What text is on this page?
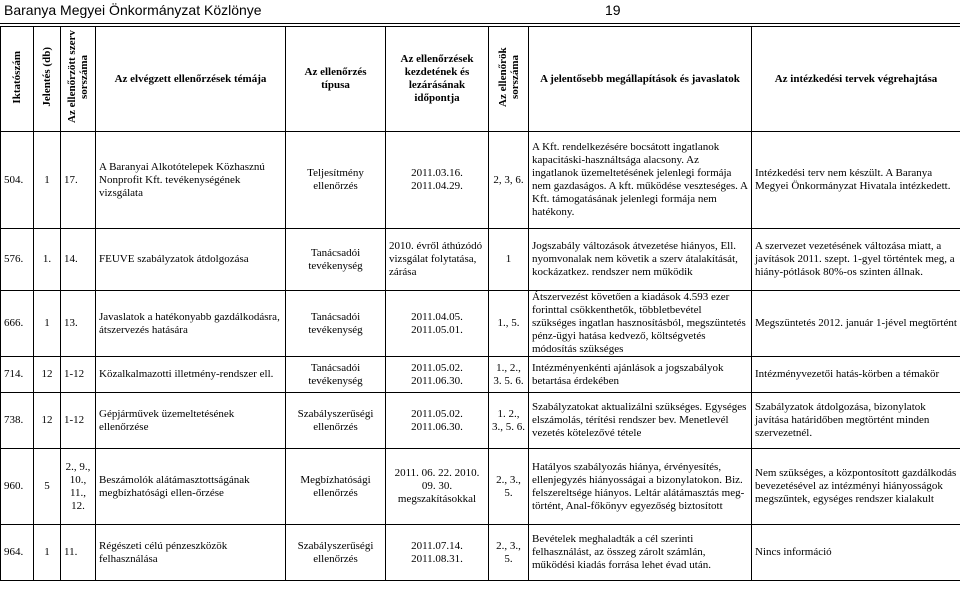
Baranya Megyei Önkormányzat Közlönye	19
Iktatószám	Jelentés (db)	Az ellenőrzött szerv sorszáma	Az elvégzett ellenőrzések témája	Az ellenőrzés típusa	Az ellenőrzések kezdetének és lezárásának időpontja	Az ellenőrök sorszáma	A jelentősebb megállapítások és javaslatok	Az intézkedési tervek végrehajtása
504.	1	17.	A Baranyai Alkotótelepek Közhasznú Nonprofit Kft. tevékenységének vizsgálata	Teljesítmény ellenőrzés	2011.03.16. 2011.04.29.	2, 3, 6.	A Kft. rendelkezésére bocsátott ingatlanok kapacitáski-használtsága alacsony. Az ingatlanok üzemeltetésének jelenlegi formája nem gazdaságos. A kft. működése veszteséges. A Kft. támogatásának jelenlegi formája nem hatékony.	Intézkedési terv nem készült. A Baranya Megyei Önkormányzat Hivatala intézkedett.
576.	1.	14.	FEUVE szabályzatok átdolgozása	Tanácsadói tevékenység	2010. évről áthúzódó vizsgálat folytatása, zárása	1	Jogszabály változások átvezetése hiányos, Ell. nyomvonalak nem követik a szerv átalakítását, kockázatkez. rendszer nem működik	A szervezet vezetésének változása miatt, a javítások 2011. szept. 1-gyel történtek meg, a hiány-pótlások 80%-os szinten állnak.
666.	1	13.	Javaslatok a hatékonyabb gazdálkodásra, átszervezés hatására	Tanácsadói tevékenység	2011.04.05. 2011.05.01.	1., 5.	Átszervezést követően a kiadások 4.593 ezer forinttal csökkenthetők, többletbevétel szükséges ingatlan hasznosításból, megszüntetés pénz-ügyi hatása kedvező, költségvetés módosítás szükséges	Megszüntetés 2012. január 1-jével megtörtént
714.	12	1-12	Közalkalmazotti illetmény-rendszer ell.	Tanácsadói tevékenység	2011.05.02. 2011.06.30.	1., 2., 3. 5. 6.	Intézményenkénti ajánlások a jogszabályok betartása érdekében	Intézményvezetői hatás-körben a témakör
738.	12	1-12	Gépjárművek üzemeltetésének ellenőrzése	Szabályszerűségi ellenőrzés	2011.05.02. 2011.06.30.	1. 2., 3., 5. 6.	Szabályzatokat aktualizálni szükséges. Egységes elszámolás, térítési rendszer bev. Menetlevél vezetés kötelezővé tétele	Szabályzatok átdolgozása, bizonylatok javítása határidőben megtörtént minden szervezetnél.
960.	5	2., 9., 10., 11., 12.	Beszámolók alátámasztottságának megbízhatósági ellen-őrzése	Megbízhatósági ellenőrzés	2011. 06. 22. 2010. 09. 30. megszakításokkal	2., 3., 5.	Hatályos szabályozás hiánya, érvényesítés, ellenjegyzés hiányosságai a bizonylatokon. Biz. felszereltsége hiányos. Leltár alátámasztás meg-történt, Anal-főkönyv egyezőség biztosított	Nem szükséges, a központosított gazdálkodás bevezetésével az intézményi hiányosságok megszűntek, egységes rendszer kialakult
964.	1	11.	Régészeti célú pénzeszközök felhasználása	Szabályszerűségi ellenőrzés	2011.07.14. 2011.08.31.	2., 3., 5.	Bevételek meghaladták a cél szerinti felhasználást, az összeg zárolt számlán, működési kiadás forrása lehet évad után.	Nincs információ
